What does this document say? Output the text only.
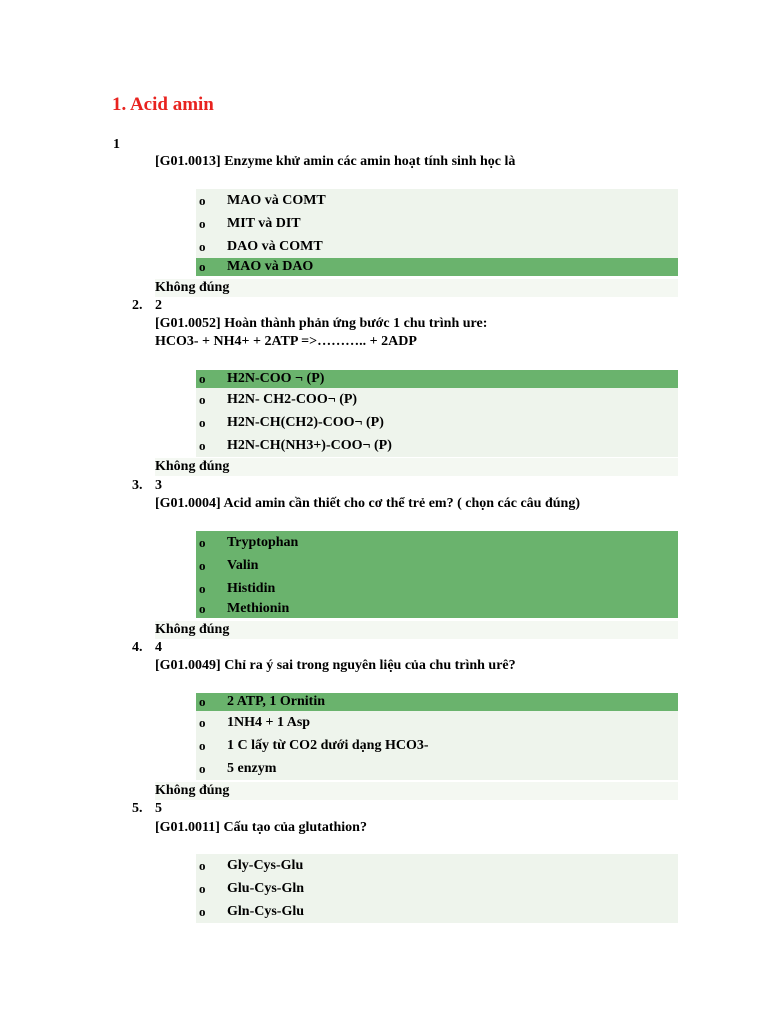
1. Acid amin
1
[G01.0013] Enzyme khử amin các amin hoạt tính sinh học là
o	MAO và COMT
o	MIT và DIT
o	DAO và COMT
o	MAO và DAO
Không đúng
2. 2
[G01.0052] Hoàn thành phản ứng bước 1 chu trình ure:
HCO3- + NH4+ + 2ATP =>……….. + 2ADP
o	H2N-COO ¬ (P)
o	H2N- CH2-COO¬ (P)
o	H2N-CH(CH2)-COO¬ (P)
o	H2N-CH(NH3+)-COO¬ (P)
Không đúng
3. 3
[G01.0004] Acid amin cần thiết cho cơ thể trẻ em? ( chọn các câu đúng)
o	Tryptophan
o	Valin
o	Histidin
o	Methionin
Không đúng
4. 4
[G01.0049] Chỉ ra ý sai trong nguyên liệu của chu trình urê?
o	2 ATP, 1 Ornitin
o	1NH4 + 1 Asp
o	1 C lấy từ CO2 dưới dạng HCO3-
o	5 enzym
Không đúng
5. 5
[G01.0011] Cấu tạo của glutathion?
o	Gly-Cys-Glu
o	Glu-Cys-Gln
o	Gln-Cys-Glu
